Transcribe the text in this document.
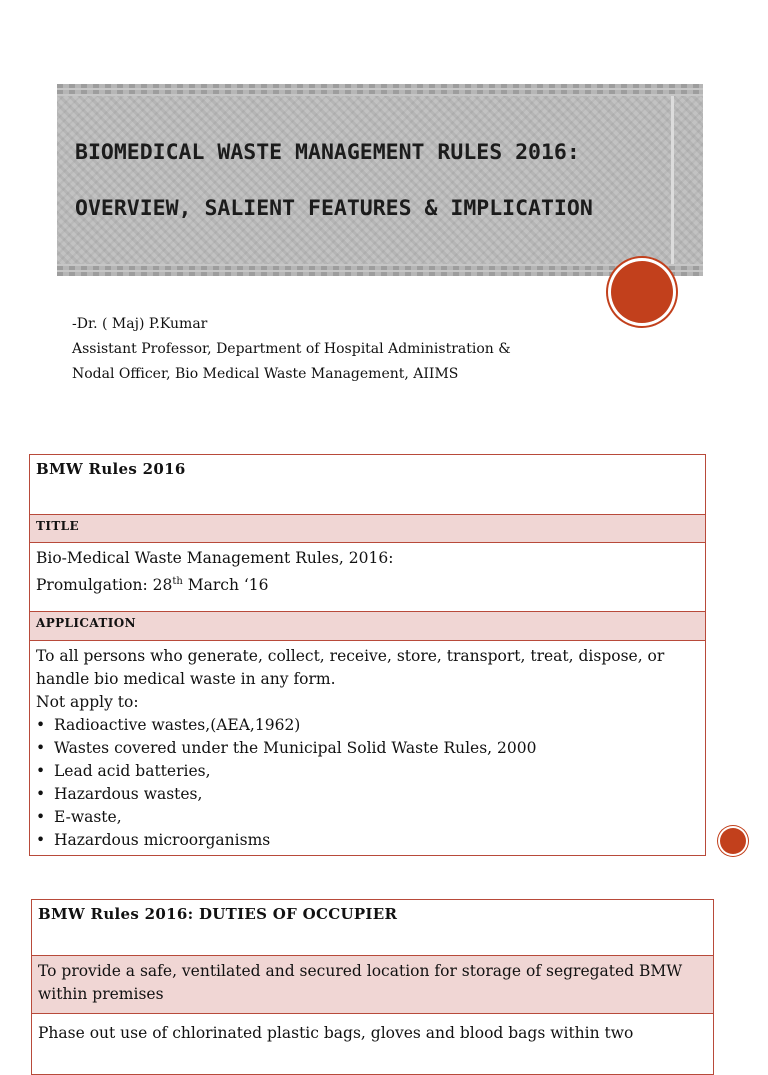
BIOMEDICAL WASTE MANAGEMENT RULES 2016:
OVERVIEW, SALIENT FEATURES & IMPLICATION
-Dr. ( Maj) P.Kumar
Assistant Professor, Department of Hospital Administration &
Nodal Officer, Bio Medical Waste Management, AIIMS
BMW Rules 2016
TITLE
Bio-Medical Waste Management Rules, 2016:
Promulgation: 28th March ‘16
APPLICATION
To all persons who generate, collect, receive, store, transport, treat, dispose, or handle bio medical waste in any form.
Not apply to:
• Radioactive wastes,(AEA,1962)
• Wastes covered under the Municipal Solid Waste Rules, 2000
• Lead acid batteries,
• Hazardous wastes,
• E-waste,
• Hazardous microorganisms
BMW Rules 2016: DUTIES OF OCCUPIER
To provide a safe, ventilated and secured location for storage of segregated BMW within premises
Phase out use of chlorinated plastic bags, gloves and blood bags within two
